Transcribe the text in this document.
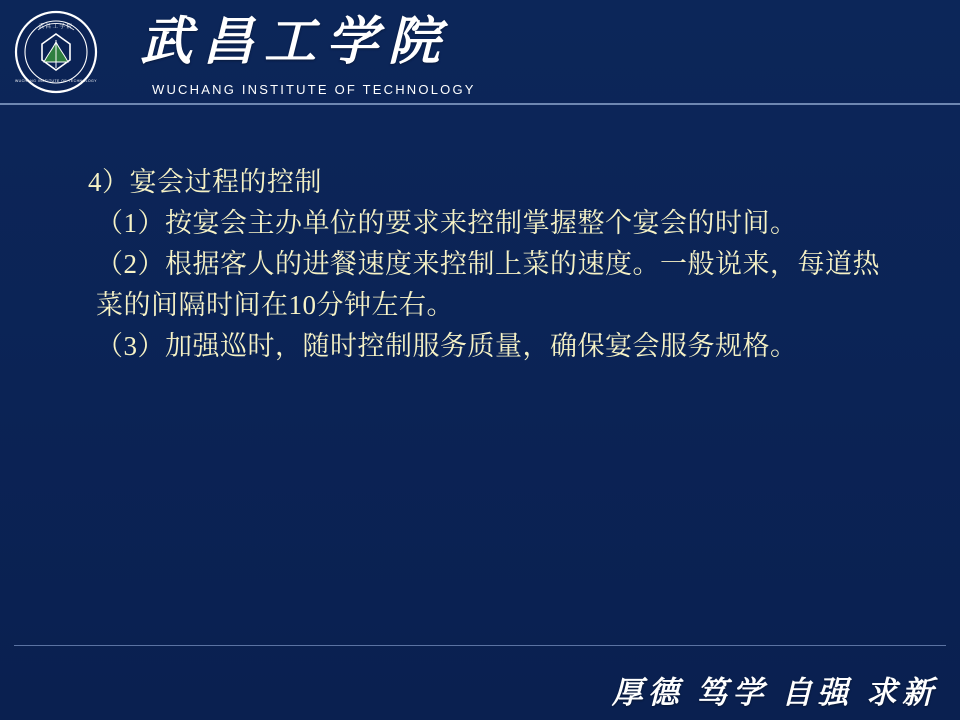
武昌工学院
WUCHANG INSTITUTE OF TECHNOLOGY
武昌工学院
WUCHANG INSTITUTE OF TECHNOLOGY

4）宴会过程的控制

（1）按宴会主办单位的要求来控制掌握整个宴会的时间。

（2）根据客人的进餐速度来控制上菜的速度。一般说来，每道热菜的间隔时间在10分钟左右。

（3）加强巡时，随时控制服务质量，确保宴会服务规格。

厚德 笃学 自强 求新
